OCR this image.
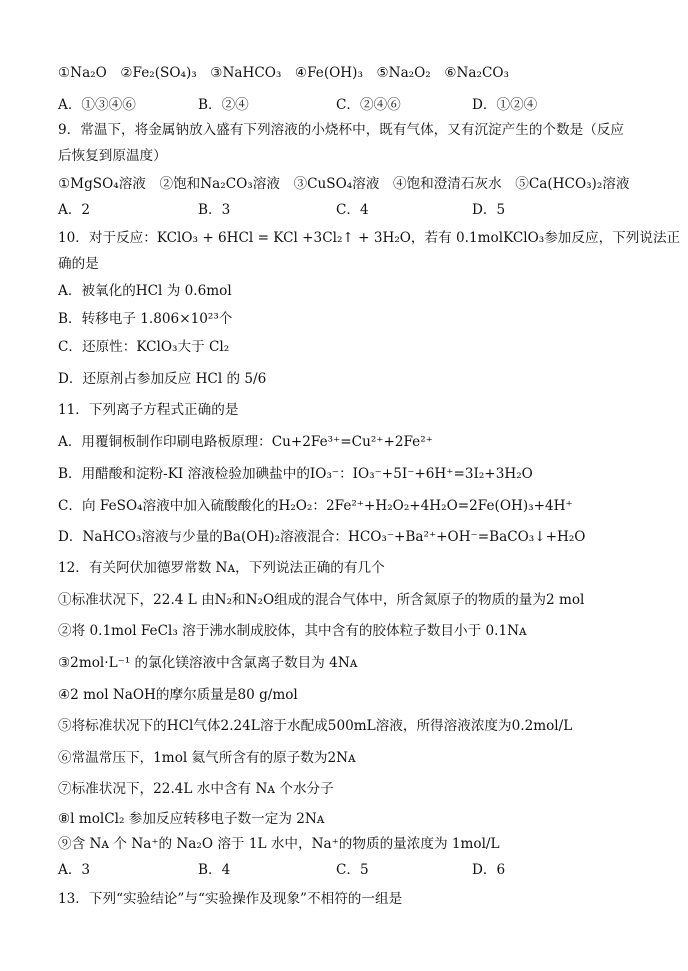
①Na₂O　②Fe₂(SO₄)₃　③NaHCO₃　④Fe(OH)₃　⑤Na₂O₂　⑥Na₂CO₃
A．①③④⑥	B．②④	C．②④⑥	D．①②④
9．常温下，将金属钠放入盛有下列溶液的小烧杯中，既有气体，又有沉淀产生的个数是（反应
后恢复到原温度）
①MgSO₄溶液　②饱和Na₂CO₃溶液　③CuSO₄溶液　④饱和澄清石灰水　⑤Ca(HCO₃)₂溶液
A．2	B．3	C．4	D．5
10．对于反应：KClO₃ + 6HCl = KCl +3Cl₂↑ + 3H₂O，若有 0.1molKClO₃参加反应，下列说法正
确的是
A．被氧化的HCl 为 0.6mol
B．转移电子 1.806×10²³个
C．还原性：KClO₃大于 Cl₂
D．还原剂占参加反应 HCl 的 5/6
11．下列离子方程式正确的是
A．用覆铜板制作印刷电路板原理：Cu+2Fe³⁺=Cu²⁺+2Fe²⁺
B．用醋酸和淀粉-KI 溶液检验加碘盐中的IO₃⁻：IO₃⁻+5I⁻+6H⁺=3I₂+3H₂O
C．向 FeSO₄溶液中加入硫酸酸化的H₂O₂：2Fe²⁺+H₂O₂+4H₂O=2Fe(OH)₃+4H⁺
D．NaHCO₃溶液与少量的Ba(OH)₂溶液混合：HCO₃⁻+Ba²⁺+OH⁻=BaCO₃↓+H₂O
12．有关阿伏加德罗常数 Nᴀ，下列说法正确的有几个
①标准状况下，22.4 L 由N₂和N₂O组成的混合气体中，所含氮原子的物质的量为2 mol
②将 0.1mol FeCl₃ 溶于沸水制成胶体，其中含有的胶体粒子数目小于 0.1Nᴀ
③2mol·L⁻¹ 的氯化镁溶液中含氯离子数目为 4Nᴀ
④2 mol NaOH的摩尔质量是80 g/mol
⑤将标准状况下的HCl气体2.24L溶于水配成500mL溶液，所得溶液浓度为0.2mol/L
⑥常温常压下，1mol 氦气所含有的原子数为2Nᴀ
⑦标准状况下，22.4L 水中含有 Nᴀ 个水分子
⑧l molCl₂ 参加反应转移电子数一定为 2Nᴀ
⑨含 Nᴀ 个 Na⁺的 Na₂O 溶于 1L 水中，Na⁺的物质的量浓度为 1mol/L
A．3	B．4	C．5	D．6
13．下列“实验结论”与“实验操作及现象”不相符的一组是
